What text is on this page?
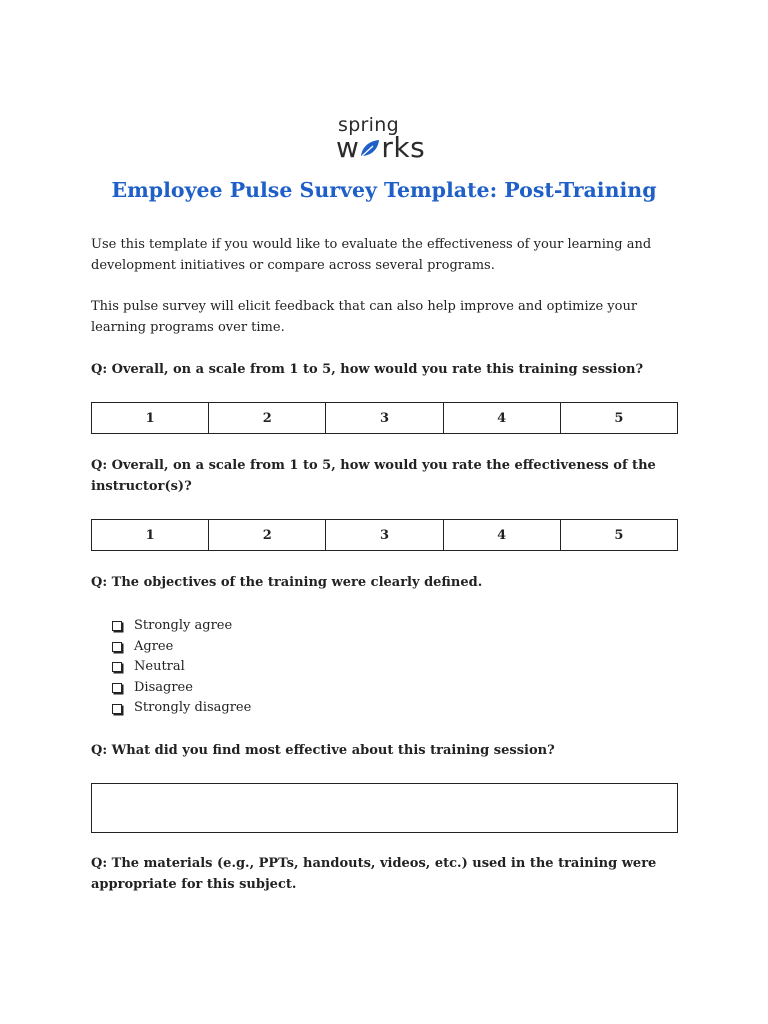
spring
w rks
Employee Pulse Survey Template: Post-Training

Use this template if you would like to evaluate the effectiveness of your learning and development initiatives or compare across several programs.

This pulse survey will elicit feedback that can also help improve and optimize your learning programs over time.

Q: Overall, on a scale from 1 to 5, how would you rate this training session?

1	2	3	4	5

Q: Overall, on a scale from 1 to 5, how would you rate the effectiveness of the instructor(s)?

1	2	3	4	5

Q: The objectives of the training were clearly defined.

Strongly agree
Agree
Neutral
Disagree
Strongly disagree

Q: What did you find most effective about this training session?

Q: The materials (e.g., PPTs, handouts, videos, etc.) used in the training were appropriate for this subject.
